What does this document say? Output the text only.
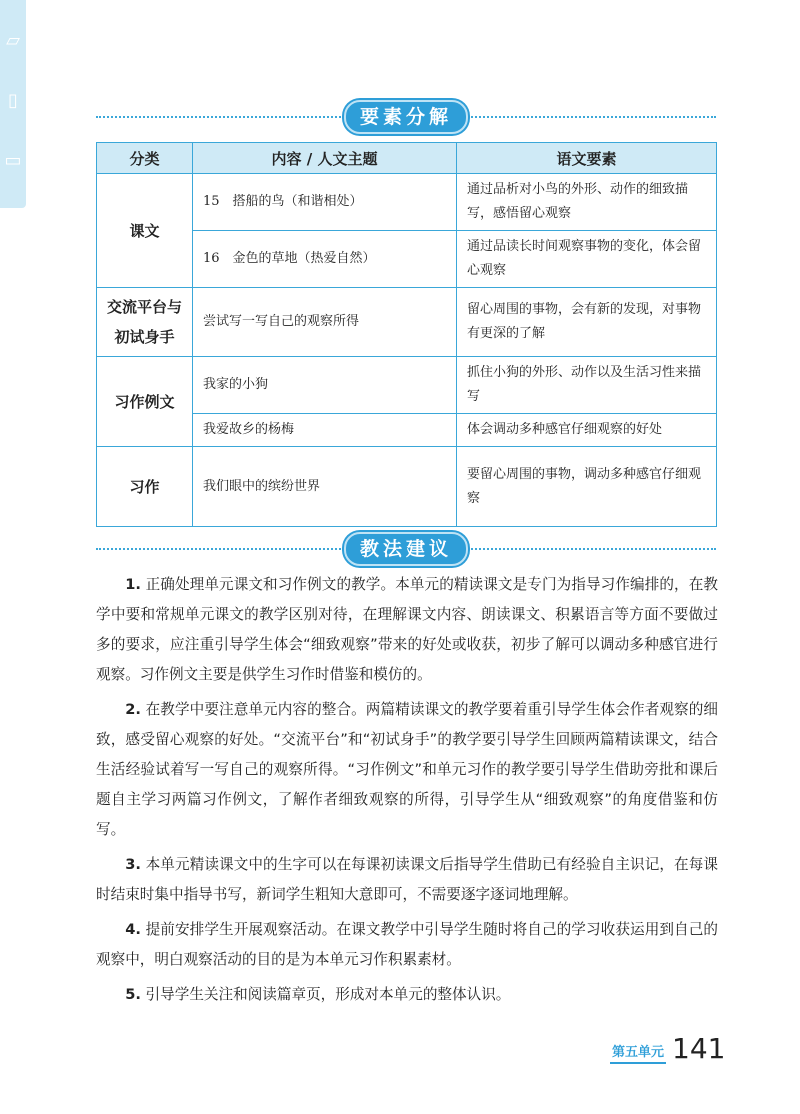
▱
▯
▭
要素分解
分类	内容 / 人文主题	语文要素
课文	15　搭船的鸟（和谐相处）	通过品析对小鸟的外形、动作的细致描写，感悟留心观察
	16　金色的草地（热爱自然）	通过品读长时间观察事物的变化，体会留心观察
交流平台与初试身手	尝试写一写自己的观察所得	留心周围的事物，会有新的发现，对事物有更深的了解
习作例文	我家的小狗	抓住小狗的外形、动作以及生活习性来描写
	我爱故乡的杨梅	体会调动多种感官仔细观察的好处
习作	我们眼中的缤纷世界	要留心周围的事物，调动多种感官仔细观察
教法建议

1. 正确处理单元课文和习作例文的教学。本单元的精读课文是专门为指导习作编排的，在教学中要和常规单元课文的教学区别对待，在理解课文内容、朗读课文、积累语言等方面不要做过多的要求，应注重引导学生体会“细致观察”带来的好处或收获，初步了解可以调动多种感官进行观察。习作例文主要是供学生习作时借鉴和模仿的。

2. 在教学中要注意单元内容的整合。两篇精读课文的教学要着重引导学生体会作者观察的细致，感受留心观察的好处。“交流平台”和“初试身手”的教学要引导学生回顾两篇精读课文，结合生活经验试着写一写自己的观察所得。“习作例文”和单元习作的教学要引导学生借助旁批和课后题自主学习两篇习作例文，了解作者细致观察的所得，引导学生从“细致观察”的角度借鉴和仿写。

3. 本单元精读课文中的生字可以在每课初读课文后指导学生借助已有经验自主识记，在每课时结束时集中指导书写，新词学生粗知大意即可，不需要逐字逐词地理解。

4. 提前安排学生开展观察活动。在课文教学中引导学生随时将自己的学习收获运用到自己的观察中，明白观察活动的目的是为本单元习作积累素材。

5. 引导学生关注和阅读篇章页，形成对本单元的整体认识。

第五单元 141
